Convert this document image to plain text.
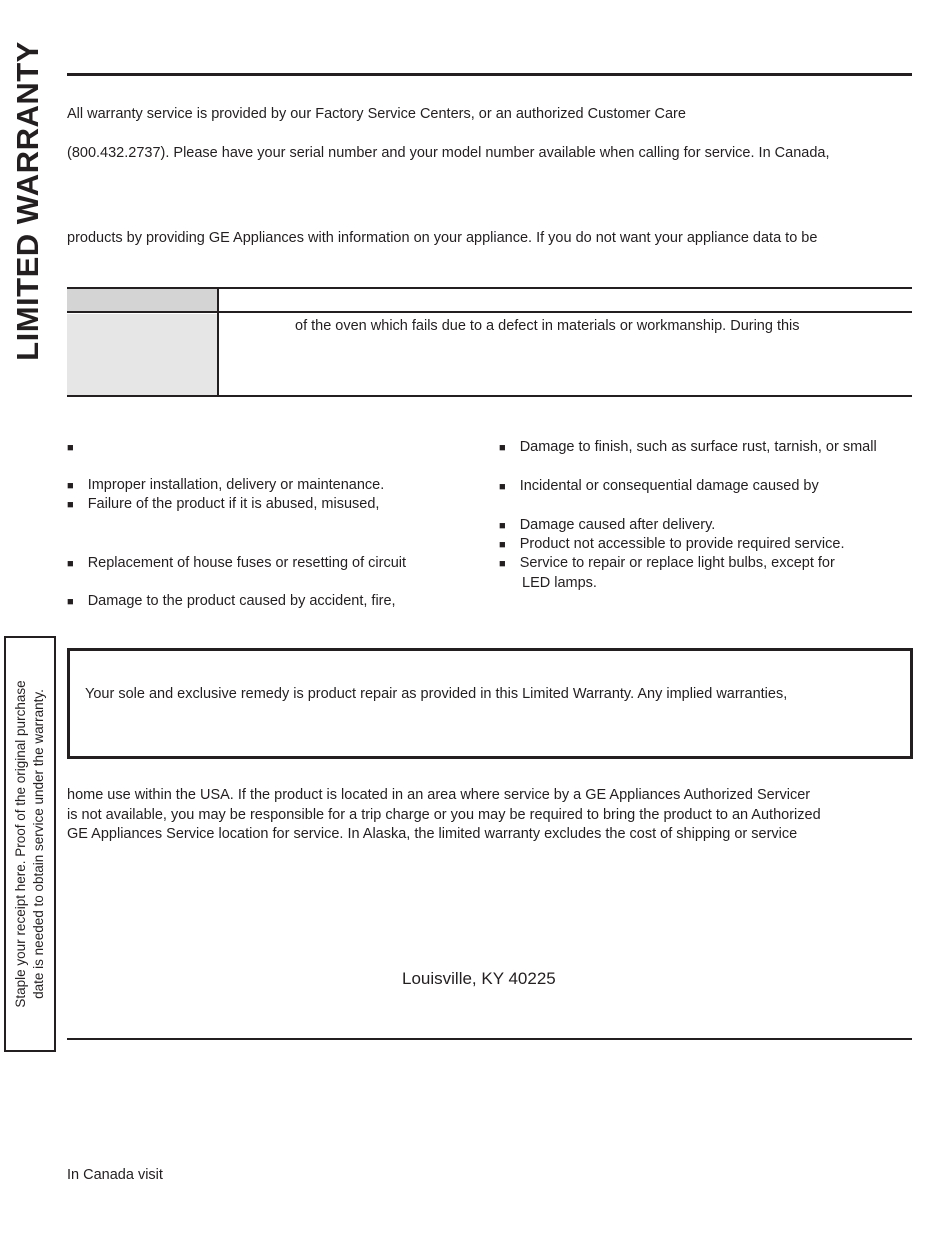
LIMITED WARRANTY All warranty service is provided by our Factory Service Centers, or an authorized Customer Care
(800.432.2737). Please have your serial number and your model number available when calling for service. In Canada,
products by providing GE Appliances with information on your appliance. If you do not want your appliance data to be
of the oven which fails due to a defect in materials or workmanship. During this
■
■ Improper installation, delivery or maintenance.
■ Failure of the product if it is abused, misused,
■ Replacement of house fuses or resetting of circuit
■ Damage to the product caused by accident, fire,
■ Damage to finish, such as surface rust, tarnish, or small
■ Incidental or consequential damage caused by
■ Damage caused after delivery.
■ Product not accessible to provide required service.
■ Service to repair or replace light bulbs, except for
LED lamps.
Your sole and exclusive remedy is product repair as provided in this Limited Warranty. Any implied warranties,
home use within the USA. If the product is located in an area where service by a GE Appliances Authorized Servicer
is not available, you may be responsible for a trip charge or you may be required to bring the product to an Authorized
GE Appliances Service location for service. In Alaska, the limited warranty excludes the cost of shipping or service
Louisville, KY 40225
Staple your receipt here. Proof of the original purchase date is needed to obtain service under the warranty.
In Canada visit
